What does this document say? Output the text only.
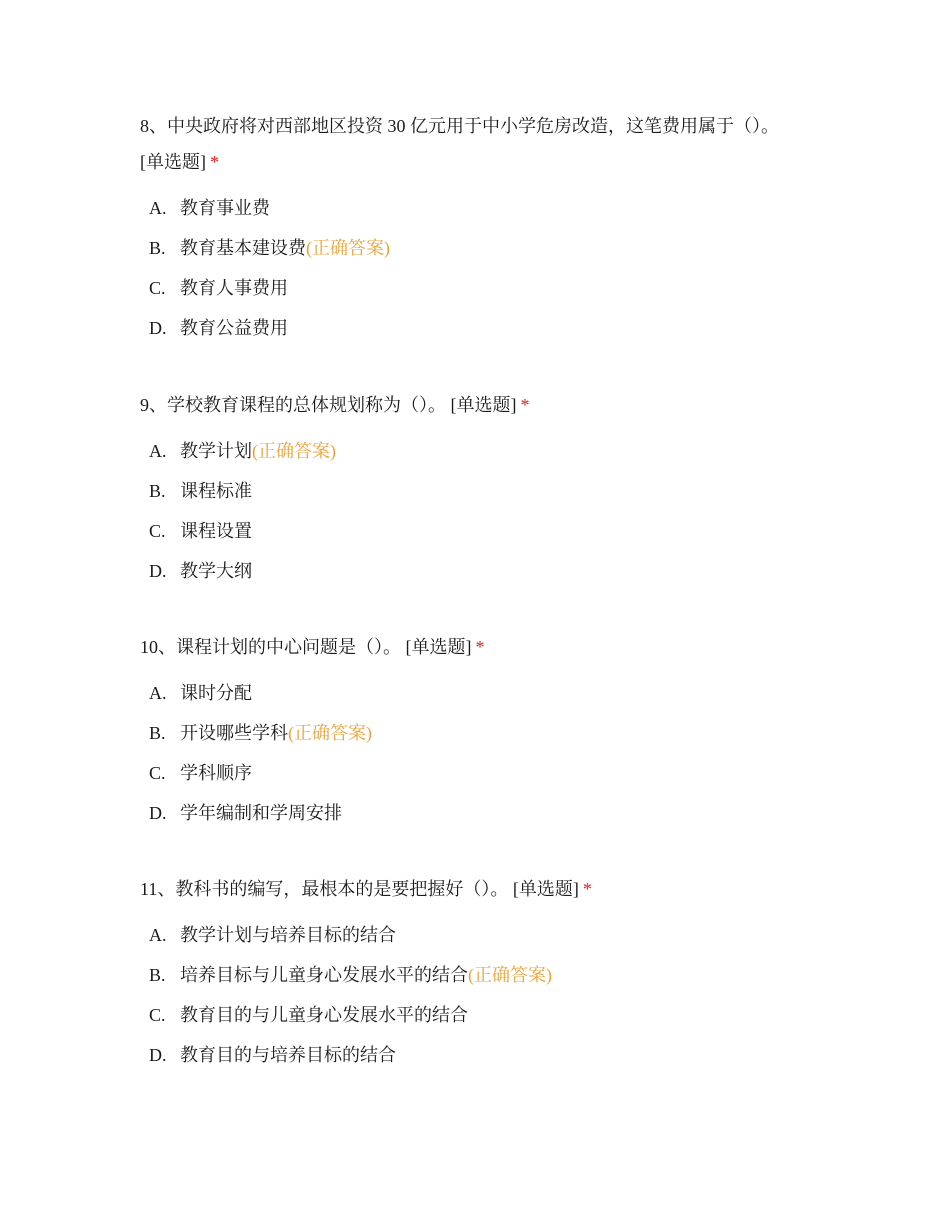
8、中央政府将对西部地区投资 30 亿元用于中小学危房改造，这笔费用属于（）。
[单选题] *

A. 教育事业费
B. 教育基本建设费(正确答案)
C. 教育人事费用
D. 教育公益费用

9、学校教育课程的总体规划称为（）。 [单选题] *

A. 教学计划(正确答案)
B. 课程标准
C. 课程设置
D. 教学大纲

10、课程计划的中心问题是（）。 [单选题] *

A. 课时分配
B. 开设哪些学科(正确答案)
C. 学科顺序
D. 学年编制和学周安排

11、教科书的编写，最根本的是要把握好（）。 [单选题] *

A. 教学计划与培养目标的结合
B. 培养目标与儿童身心发展水平的结合(正确答案)
C. 教育目的与儿童身心发展水平的结合
D. 教育目的与培养目标的结合
